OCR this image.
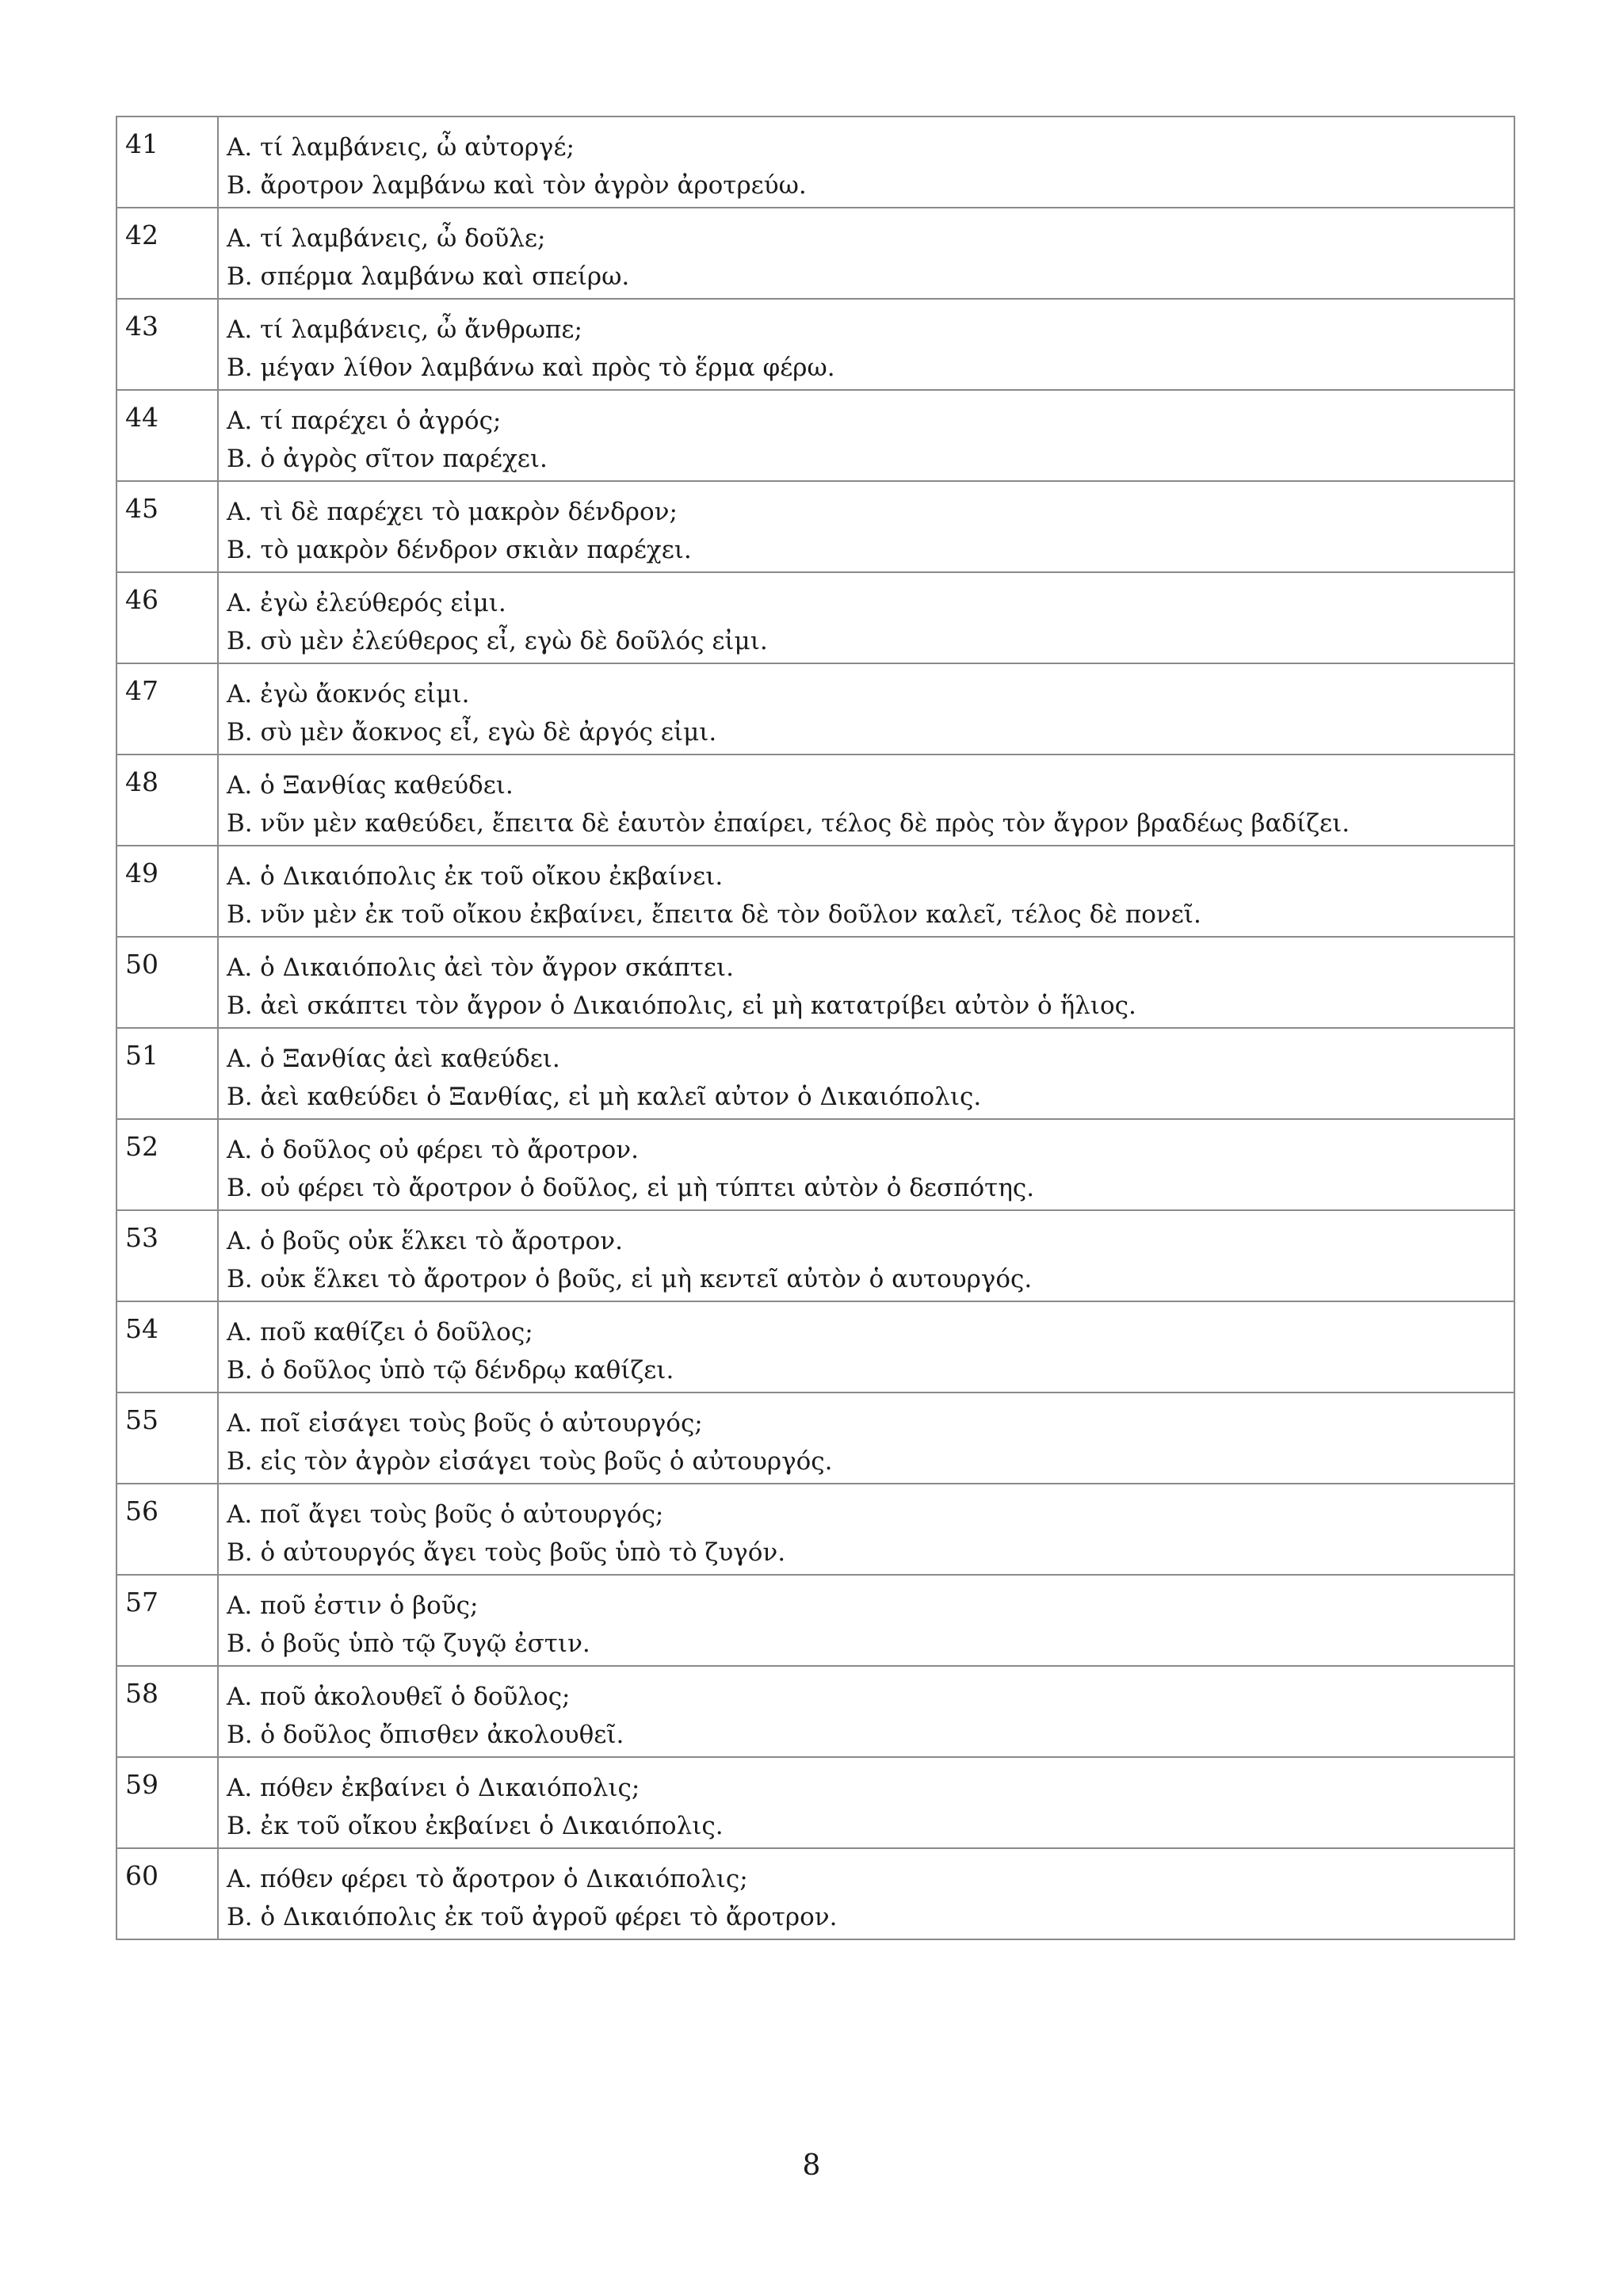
41	Α. τί λαμβάνεις, ὦ αὐτοργέ;
Β. ἄροτρον λαμβάνω καὶ τὸν ἀγρὸν ἀροτρεύω.

42	Α. τί λαμβάνεις, ὦ δοῦλε;
Β. σπέρμα λαμβάνω καὶ σπείρω.

43	Α. τί λαμβάνεις, ὦ ἄνθρωπε;
Β. μέγαν λίθον λαμβάνω καὶ πρὸς τὸ ἕρμα φέρω.

44	Α. τί παρέχει ὁ ἀγρός;
Β. ὁ ἀγρὸς σῖτον παρέχει.

45	Α. τὶ δὲ παρέχει τὸ μακρὸν δένδρον;
Β. τὸ μακρὸν δένδρον σκιὰν παρέχει.

46	Α. ἐγὼ ἐλεύθερός εἰμι.
Β. σὺ μὲν ἐλεύθερος εἶ, εγὼ δὲ δοῦλός εἰμι.

47	Α. ἐγὼ ἄοκνός εἰμι.
Β. σὺ μὲν ἄοκνος εἶ, εγὼ δὲ ἀργός εἰμι.

48	Α. ὁ Ξανθίας καθεύδει.
Β. νῦν μὲν καθεύδει, ἔπειτα δὲ ἑαυτὸν ἐπαίρει, τέλος δὲ πρὸς τὸν ἄγρον βραδέως βαδίζει.

49	Α. ὁ Δικαιόπολις ἐκ τοῦ οἴκου ἐκβαίνει.
Β. νῦν μὲν ἐκ τοῦ οἴκου ἐκβαίνει, ἔπειτα δὲ τὸν δοῦλον καλεῖ, τέλος δὲ πονεῖ.

50	Α. ὁ Δικαιόπολις ἀεὶ τὸν ἄγρον σκάπτει.
Β. ἀεὶ σκάπτει τὸν ἄγρον ὁ Δικαιόπολις, εἰ μὴ κατατρίβει αὐτὸν ὁ ἥλιος.

51	Α. ὁ Ξανθίας ἀεὶ καθεύδει.
Β. ἀεὶ καθεύδει ὁ Ξανθίας, εἰ μὴ καλεῖ αὐτον ὁ Δικαιόπολις.

52	Α. ὁ δοῦλος οὐ φέρει τὸ ἄροτρον.
Β. οὐ φέρει τὸ ἄροτρον ὁ δοῦλος, εἰ μὴ τύπτει αὐτὸν ὀ δεσπότης.

53	Α. ὁ βοῦς οὐκ ἕλκει τὸ ἄροτρον.
Β. οὐκ ἕλκει τὸ ἄροτρον ὁ βοῦς, εἰ μὴ κεντεῖ αὐτὸν ὁ αυτουργός.

54	Α. ποῦ καθίζει ὁ δοῦλος;
Β. ὁ δοῦλος ὑπὸ τῷ δένδρῳ καθίζει.

55	Α. ποῖ εἰσάγει τοὺς βοῦς ὁ αὐτουργός;
Β. εἰς τὸν ἀγρὸν εἰσάγει τοὺς βοῦς ὁ αὐτουργός.

56	Α. ποῖ ἄγει τοὺς βοῦς ὁ αὐτουργός;
Β. ὁ αὐτουργός ἄγει τοὺς βοῦς ὑπὸ τὸ ζυγόν.

57	Α. ποῦ ἐστιν ὁ βοῦς;
Β. ὁ βοῦς ὑπὸ τῷ ζυγῷ ἐστιν.

58	Α. ποῦ ἀκολουθεῖ ὁ δοῦλος;
Β. ὁ δοῦλος ὄπισθεν ἀκολουθεῖ.

59	Α. πόθεν ἐκβαίνει ὁ Δικαιόπολις;
Β. ἐκ τοῦ οἴκου ἐκβαίνει ὁ Δικαιόπολις.

60	Α. πόθεν φέρει τὸ ἄροτρον ὁ Δικαιόπολις;
Β. ὁ Δικαιόπολις ἐκ τοῦ ἀγροῦ φέρει τὸ ἄροτρον.
8
